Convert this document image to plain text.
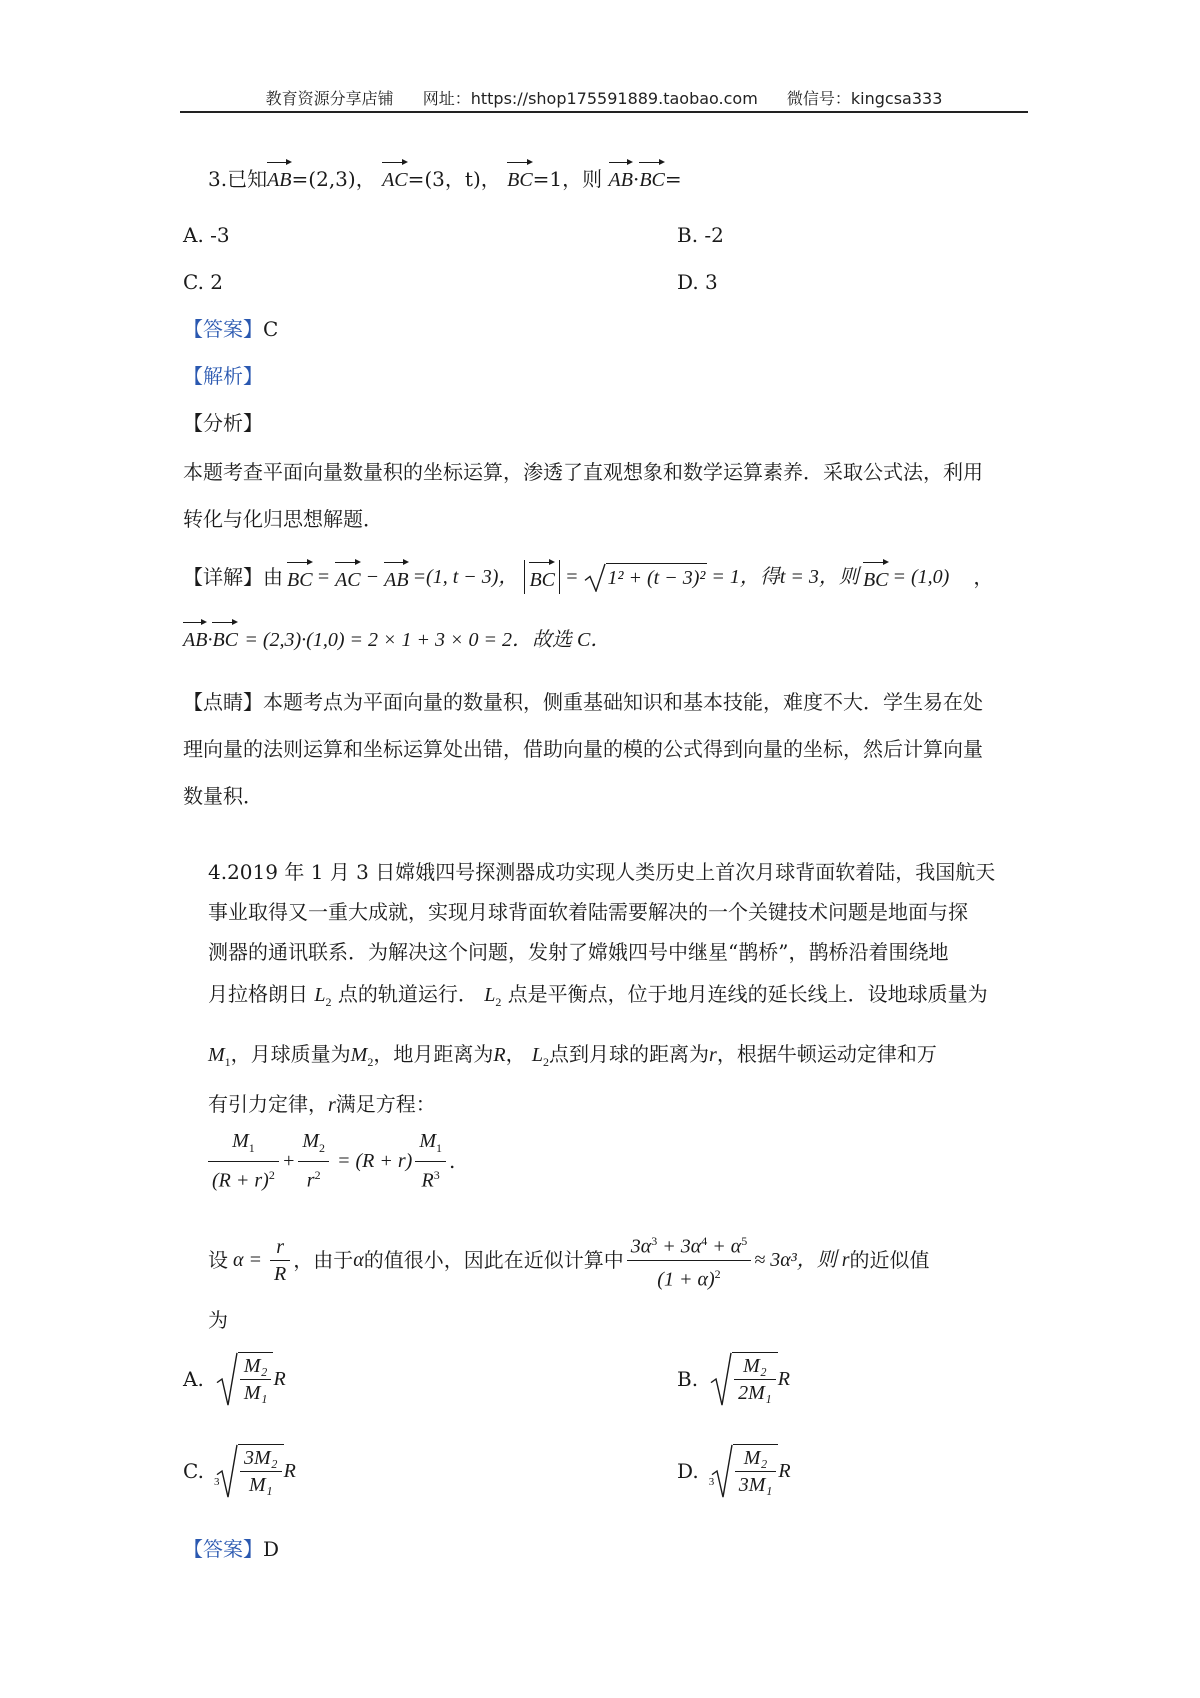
教育资源分享店铺 网址：https://shop175591889.taobao.com 微信号：kingcsa333
3.已知AB=(2,3)， AC=(3，t)， BC=1，则 AB·BC=
A. -3	B. -2
C. 2	D. 3
【答案】C
【解析】
【分析】
本题考查平面向量数量积的坐标运算，渗透了直观想象和数学运算素养．采取公式法，利用
转化与化归思想解题．
【详解】由 BC = AC − AB =(1, t − 3)， BC = 1² + (t − 3)² = 1，得 t = 3，则 BC = (1,0) ，
AB·BC = (2,3)·(1,0) = 2 × 1 + 3 × 0 = 2．故选 C．
【点睛】本题考点为平面向量的数量积，侧重基础知识和基本技能，难度不大．学生易在处
理向量的法则运算和坐标运算处出错，借助向量的模的公式得到向量的坐标，然后计算向量
数量积．
4.2019 年 1 月 3 日嫦娥四号探测器成功实现人类历史上首次月球背面软着陆，我国航天
事业取得又一重大成就，实现月球背面软着陆需要解决的一个关键技术问题是地面与探
测器的通讯联系．为解决这个问题，发射了嫦娥四号中继星“鹊桥”，鹊桥沿着围绕地
月拉格朗日 $L_2$ 点的轨道运行． $L_2$ 点是平衡点，位于地月连线的延长线上．设地球质量为
$M_1$，月球质量为$M_2$，地月距离为R， $L_2$点到月球的距离为r，根据牛顿运动定律和万
有引力定律，r满足方程：
$\frac{M_1}{(R + r)^2} + \frac{M_2}{r^2} = (R + r) \frac{M_1}{R^3}$ .
设 $\alpha = \frac{r}{R}$ ，由于 α 的值很小，因此在近似计算中 $\frac{3\alpha^3 + 3\alpha^4 + \alpha^5}{(1 + \alpha)^2} \approx 3\alpha^3$，则 r 的近似值
为
A. $\frac{\text{M₂}}{\text{M₁}}$ R	B. $\frac{\text{M₂}}{\text{2M₁}}$ R
C. $3 \frac{\text{3M₂}}{\text{M₁}}$ R	D. $3 \frac{\text{M₂}}{\text{3M₁}}$ R
【答案】D
